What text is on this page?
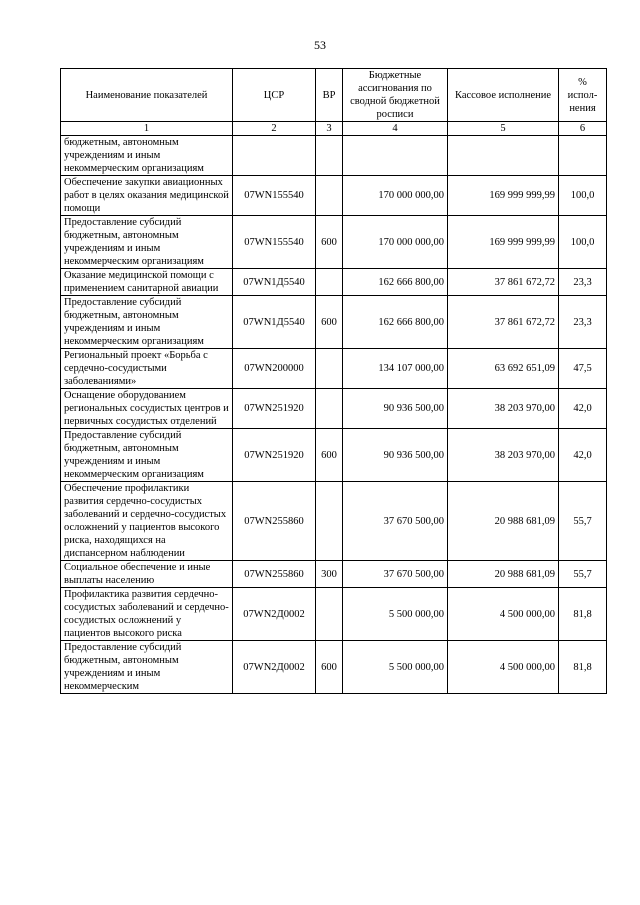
53
Наименование показателей	ЦСР	ВР	Бюджетные ассигнования по сводной бюджетной росписи	Кассовое исполнение	% испол-нения
1	2	3	4	5	6
бюджетным, автономным учреждениям и иным некоммерческим организациям					
Обеспечение закупки авиационных работ в целях оказания медицинской помощи	07WN155540		170 000 000,00	169 999 999,99	100,0
Предоставление субсидий бюджетным, автономным учреждениям и иным некоммерческим организациям	07WN155540	600	170 000 000,00	169 999 999,99	100,0
Оказание медицинской помощи с применением санитарной авиации	07WN1Д5540		162 666 800,00	37 861 672,72	23,3
Предоставление субсидий бюджетным, автономным учреждениям и иным некоммерческим организациям	07WN1Д5540	600	162 666 800,00	37 861 672,72	23,3
Региональный проект «Борьба с сердечно-сосудистыми заболеваниями»	07WN200000		134 107 000,00	63 692 651,09	47,5
Оснащение оборудованием региональных сосудистых центров и первичных сосудистых отделений	07WN251920		90 936 500,00	38 203 970,00	42,0
Предоставление субсидий бюджетным, автономным учреждениям и иным некоммерческим организациям	07WN251920	600	90 936 500,00	38 203 970,00	42,0
Обеспечение профилактики развития сердечно-сосудистых заболеваний и сердечно-сосудистых осложнений у пациентов высокого риска, находящихся на диспансерном наблюдении	07WN255860		37 670 500,00	20 988 681,09	55,7
Социальное обеспечение и иные выплаты населению	07WN255860	300	37 670 500,00	20 988 681,09	55,7
Профилактика развития сердечно-сосудистых заболеваний и сердечно-сосудистых осложнений у пациентов высокого риска	07WN2Д0002		5 500 000,00	4 500 000,00	81,8
Предоставление субсидий бюджетным, автономным учреждениям и иным некоммерческим	07WN2Д0002	600	5 500 000,00	4 500 000,00	81,8
